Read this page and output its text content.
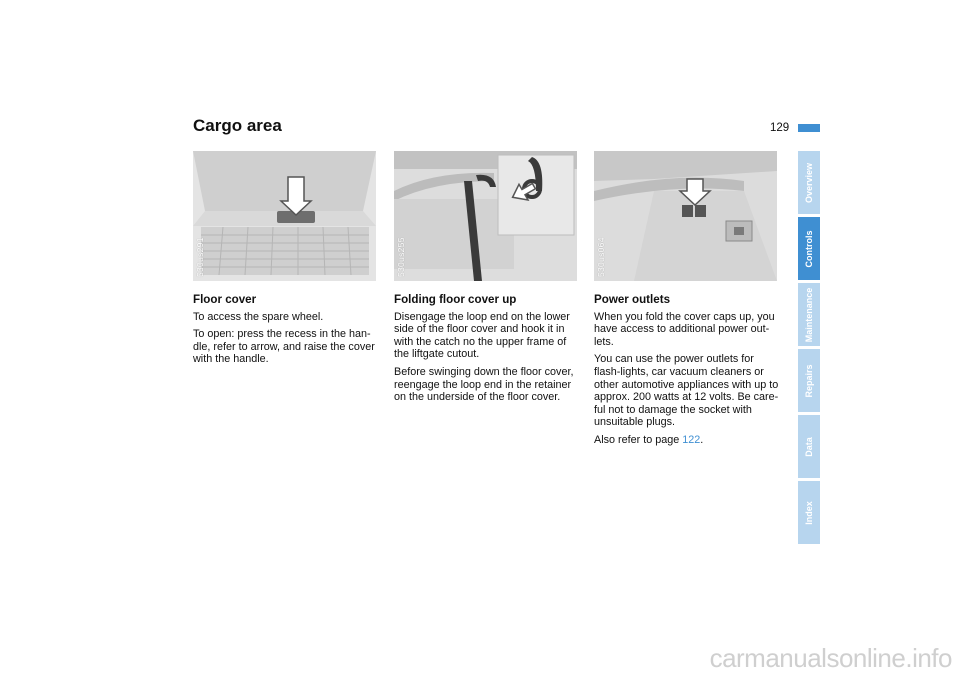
Cargo area	129
530us291	530us255	530us064
Floor cover

To access the spare wheel.

To open: press the recess in the han-dle, refer to arrow, and raise the cover with the handle.

Folding floor cover up

Disengage the loop end on the lower side of the floor cover and hook it in with the catch no the upper frame of the liftgate cutout.

Before swinging down the floor cover, reengage the loop end in the retainer on the underside of the floor cover.

Power outlets

When you fold the cover caps up, you have access to additional power out-lets.

You can use the power outlets for flash-lights, car vacuum cleaners or other automotive appliances with up to approx. 200 watts at 12 volts. Be care-ful not to damage the socket with unsuitable plugs.

Also refer to page 122.

Overview
Controls
Maintenance
Repairs
Data
Index
carmanualsonline.info
